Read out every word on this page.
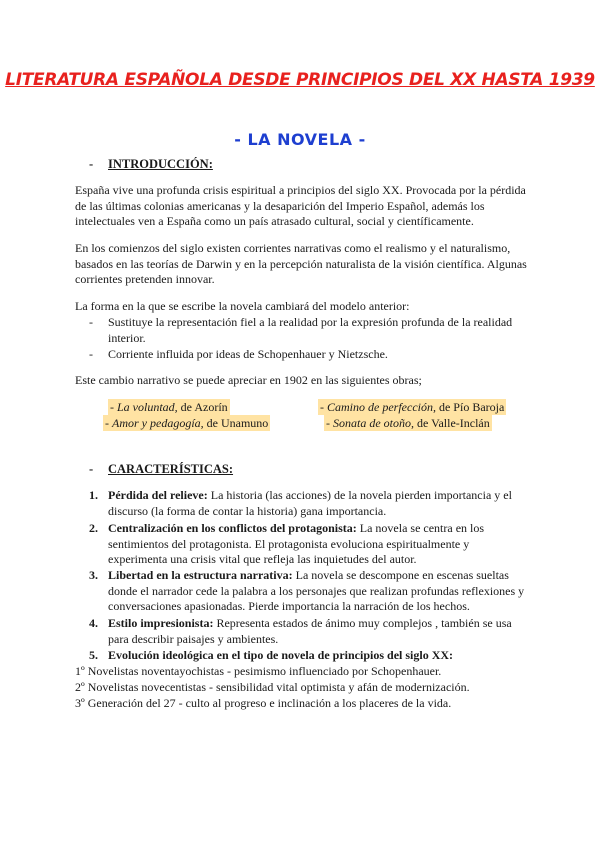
LITERATURA ESPAÑOLA DESDE PRINCIPIOS DEL XX HASTA 1939
- LA NOVELA -
- INTRODUCCIÓN:
España vive una profunda crisis espiritual a principios del siglo XX. Provocada por la pérdida de las últimas colonias americanas y la desaparición del Imperio Español, además los intelectuales ven a España como un país atrasado cultural, social y científicamente.
En los comienzos del siglo existen corrientes narrativas como el realismo y el naturalismo, basados en las teorías de Darwin y en la percepción naturalista de la visión científica. Algunas corrientes pretenden innovar.
La forma en la que se escribe la novela cambiará del modelo anterior:
- Sustituye la representación fiel a la realidad por la expresión profunda de la realidad interior.
- Corriente influida por ideas de Schopenhauer y Nietzsche.
Este cambio narrativo se puede apreciar en 1902 en las siguientes obras;
- La voluntad, de Azorín	- Camino de perfección, de Pío Baroja
- Amor y pedagogía, de Unamuno	- Sonata de otoño, de Valle-Inclán
- CARACTERÍSTICAS:
1. Pérdida del relieve: La historia (las acciones) de la novela pierden importancia y el discurso (la forma de contar la historia) gana importancia.
2. Centralización en los conflictos del protagonista: La novela se centra en los sentimientos del protagonista. El protagonista evoluciona espiritualmente y experimenta una crisis vital que refleja las inquietudes del autor.
3. Libertad en la estructura narrativa: La novela se descompone en escenas sueltas donde el narrador cede la palabra a los personajes que realizan profundas reflexiones y conversaciones apasionadas. Pierde importancia la narración de los hechos.
4. Estilo impresionista: Representa estados de ánimo muy complejos , también se usa para describir paisajes y ambientes.
5. Evolución ideológica en el tipo de novela de principios del siglo XX:
1º Novelistas noventayochistas - pesimismo influenciado por Schopenhauer.
2º Novelistas novecentistas - sensibilidad vital optimista y afán de modernización.
3º Generación del 27 - culto al progreso e inclinación a los placeres de la vida.
